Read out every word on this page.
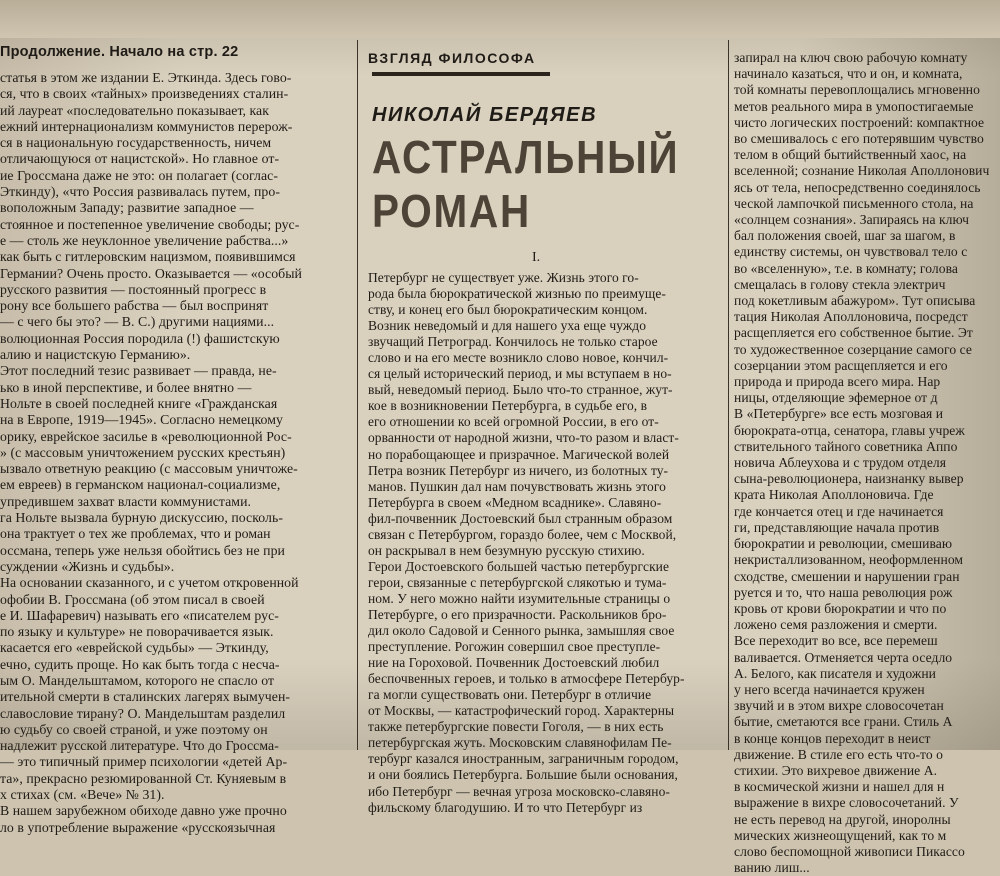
Продолжение. Начало на стр. 22

статья в этом же издании Е. Эткинда. Здесь гово-

ся, что в своих «тайных» произведениях сталин-

ий лауреат «последовательно показывает, как

ежний интернационализм коммунистов перерож-

ся в национальную государственность, ничем

отличающуюся от нацистской». Но главное от-

ие Гроссмана даже не это: он полагает (соглас-

Эткинду), «что Россия развивалась путем, про-

воположным Западу; развитие западное —

стоянное и постепенное увеличение свободы; рус-

е — столь же неуклонное увеличение рабства...»

как быть с гитлеровским нацизмом, появившимся

Германии? Очень просто. Оказывается — «особый

русского развития — постоянный прогресс в

рону все большего рабства — был воспринят

— с чего бы это? — В. С.) другими нациями...

волюционная Россия породила (!) фашистскую

алию и нацистскую Германию».

Этот последний тезис развивает — правда, не-

ько в иной перспективе, и более внятно —

Нольте в своей последней книге «Гражданская

на в Европе, 1919—1945». Согласно немецкому

орику, еврейское засилье в «революционной Рос-

» (с массовым уничтожением русских крестьян)

ызвало ответную реакцию (с массовым уничтоже-

ем евреев) в германском национал-социализме,

упредившем захват власти коммунистами.

га Нольте вызвала бурную дискуссию, посколь-

она трактует о тех же проблемах, что и роман

оссмана, теперь уже нельзя обойтись без не при

суждении «Жизнь и судьбы».

На основании сказанного, и с учетом откровенной

офобии В. Гроссмана (об этом писал в своей

е И. Шафаревич) называть его «писателем рус-

по языку и культуре» не поворачивается язык.

касается его «еврейской судьбы» — Эткинду,

ечно, судить проще. Но как быть тогда с несча-

ым О. Мандельштамом, которого не спасло от

ительной смерти в сталинских лагерях вымучен-

славословие тирану? О. Мандельштам разделил

ю судьбу со своей страной, и уже поэтому он

надлежит русской литературе. Что до Гроссма-

— это типичный пример психологии «детей Ар-

та», прекрасно резюмированной Ст. Куняевым в

х стихах (см. «Вече» № 31).

В нашем зарубежном обиходе давно уже прочно

ло в употребление выражение «русскоязычная

ВЗГЛЯД ФИЛОСОФА
НИКОЛАЙ БЕРДЯЕВ
АСТРАЛЬНЫЙ
РОМАН
I.

Петербург не существует уже. Жизнь этого го-

рода была бюрократической жизнью по преимуще-

ству, и конец его был бюрократическим концом.

Возник неведомый и для нашего уха еще чуждо

звучащий Петроград. Кончилось не только старое

слово и на его месте возникло слово новое, кончил-

ся целый исторический период, и мы вступаем в но-

вый, неведомый период. Было что-то странное, жут-

кое в возникновении Петербурга, в судьбе его, в

его отношении ко всей огромной России, в его от-

орванности от народной жизни, что-то разом и власт-

но порабощающее и призрачное. Магической волей

Петра возник Петербург из ничего, из болотных ту-

манов. Пушкин дал нам почувствовать жизнь этого

Петербурга в своем «Медном всаднике». Славяно-

фил-почвенник Достоевский был странным образом

связан с Петербургом, гораздо более, чем с Москвой,

он раскрывал в нем безумную русскую стихию.

Герои Достоевского большей частью петербургские

герои, связанные с петербургской слякотью и тума-

ном. У него можно найти изумительные страницы о

Петербурге, о его призрачности. Раскольников бро-

дил около Садовой и Сенного рынка, замышляя свое

преступление. Рогожин совершил свое преступле-

ние на Гороховой. Почвенник Достоевский любил

беспочвенных героев, и только в атмосфере Петербур-

га могли существовать они. Петербург в отличие

от Москвы, — катастрофический город. Характерны

также петербургские повести Гоголя, — в них есть

петербургская жуть. Московским славянофилам Пе-

тербург казался иностранным, заграничным городом,

и они боялись Петербурга. Большие были основания,

ибо Петербург — вечная угроза московско-славяно-

фильскому благодушию. И то что Петербург из

запирал на ключ свою рабочую комнату

начинало казаться, что и он, и комната,

той комнаты перевоплощались мгновенно

метов реального мира в умопостигаемые

чисто логических построений: компактное

во смешивалось с его потерявшим чувство

телом в общий бытийственный хаос, на

вселенной; сознание Николая Аполлонович

ясь от тела, непосредственно соединялось

ческой лампочкой письменного стола, на

«солнцем сознания». Запираясь на ключ

бал положения своей, шаг за шагом, в

единству системы, он чувствовал тело с

во «вселенную», т.е. в комнату; голова

смещалась в голову стекла электрич

под кокетливым абажуром». Тут описыва

тация Николая Аполлоновича, посредст

расщепляется его собственное бытие. Эт

то художественное созерцание самого се

созерцании этом расщепляется и его

природа и природа всего мира. Нар

ницы, отделяющие эфемерное от д

В «Петербурге» все есть мозговая и

бюрократа-отца, сенатора, главы учреж

ствительного тайного советника Аппо

новича Аблеухова и с трудом отделя

сына-революционера, наизнанку вывер

крата Николая Аполлоновича. Где

где кончается отец и где начинается

ги, представляющие начала против

бюрократии и революции, смешиваю

некристаллизованном, неоформленном

сходстве, смешении и нарушении гран

руется и то, что наша революция рож

кровь от крови бюрократии и что по

ложено семя разложения и смерти.

Все переходит во все, все перемеш

валивается. Отменяется черта оседло

А. Белого, как писателя и художни

у него всегда начинается кружен

звучий и в этом вихре словосочетан

бытие, сметаются все грани. Стиль А

в конце концов переходит в неист

движение. В стиле его есть что-то о

стихии. Это вихревое движение А.

в космической жизни и нашел для н

выражение в вихре словосочетаний. У

не есть перевод на другой, иноролны

мических жизнеощущений, как то м

слово беспомощной живописи Пикассо

ванию лиш...
